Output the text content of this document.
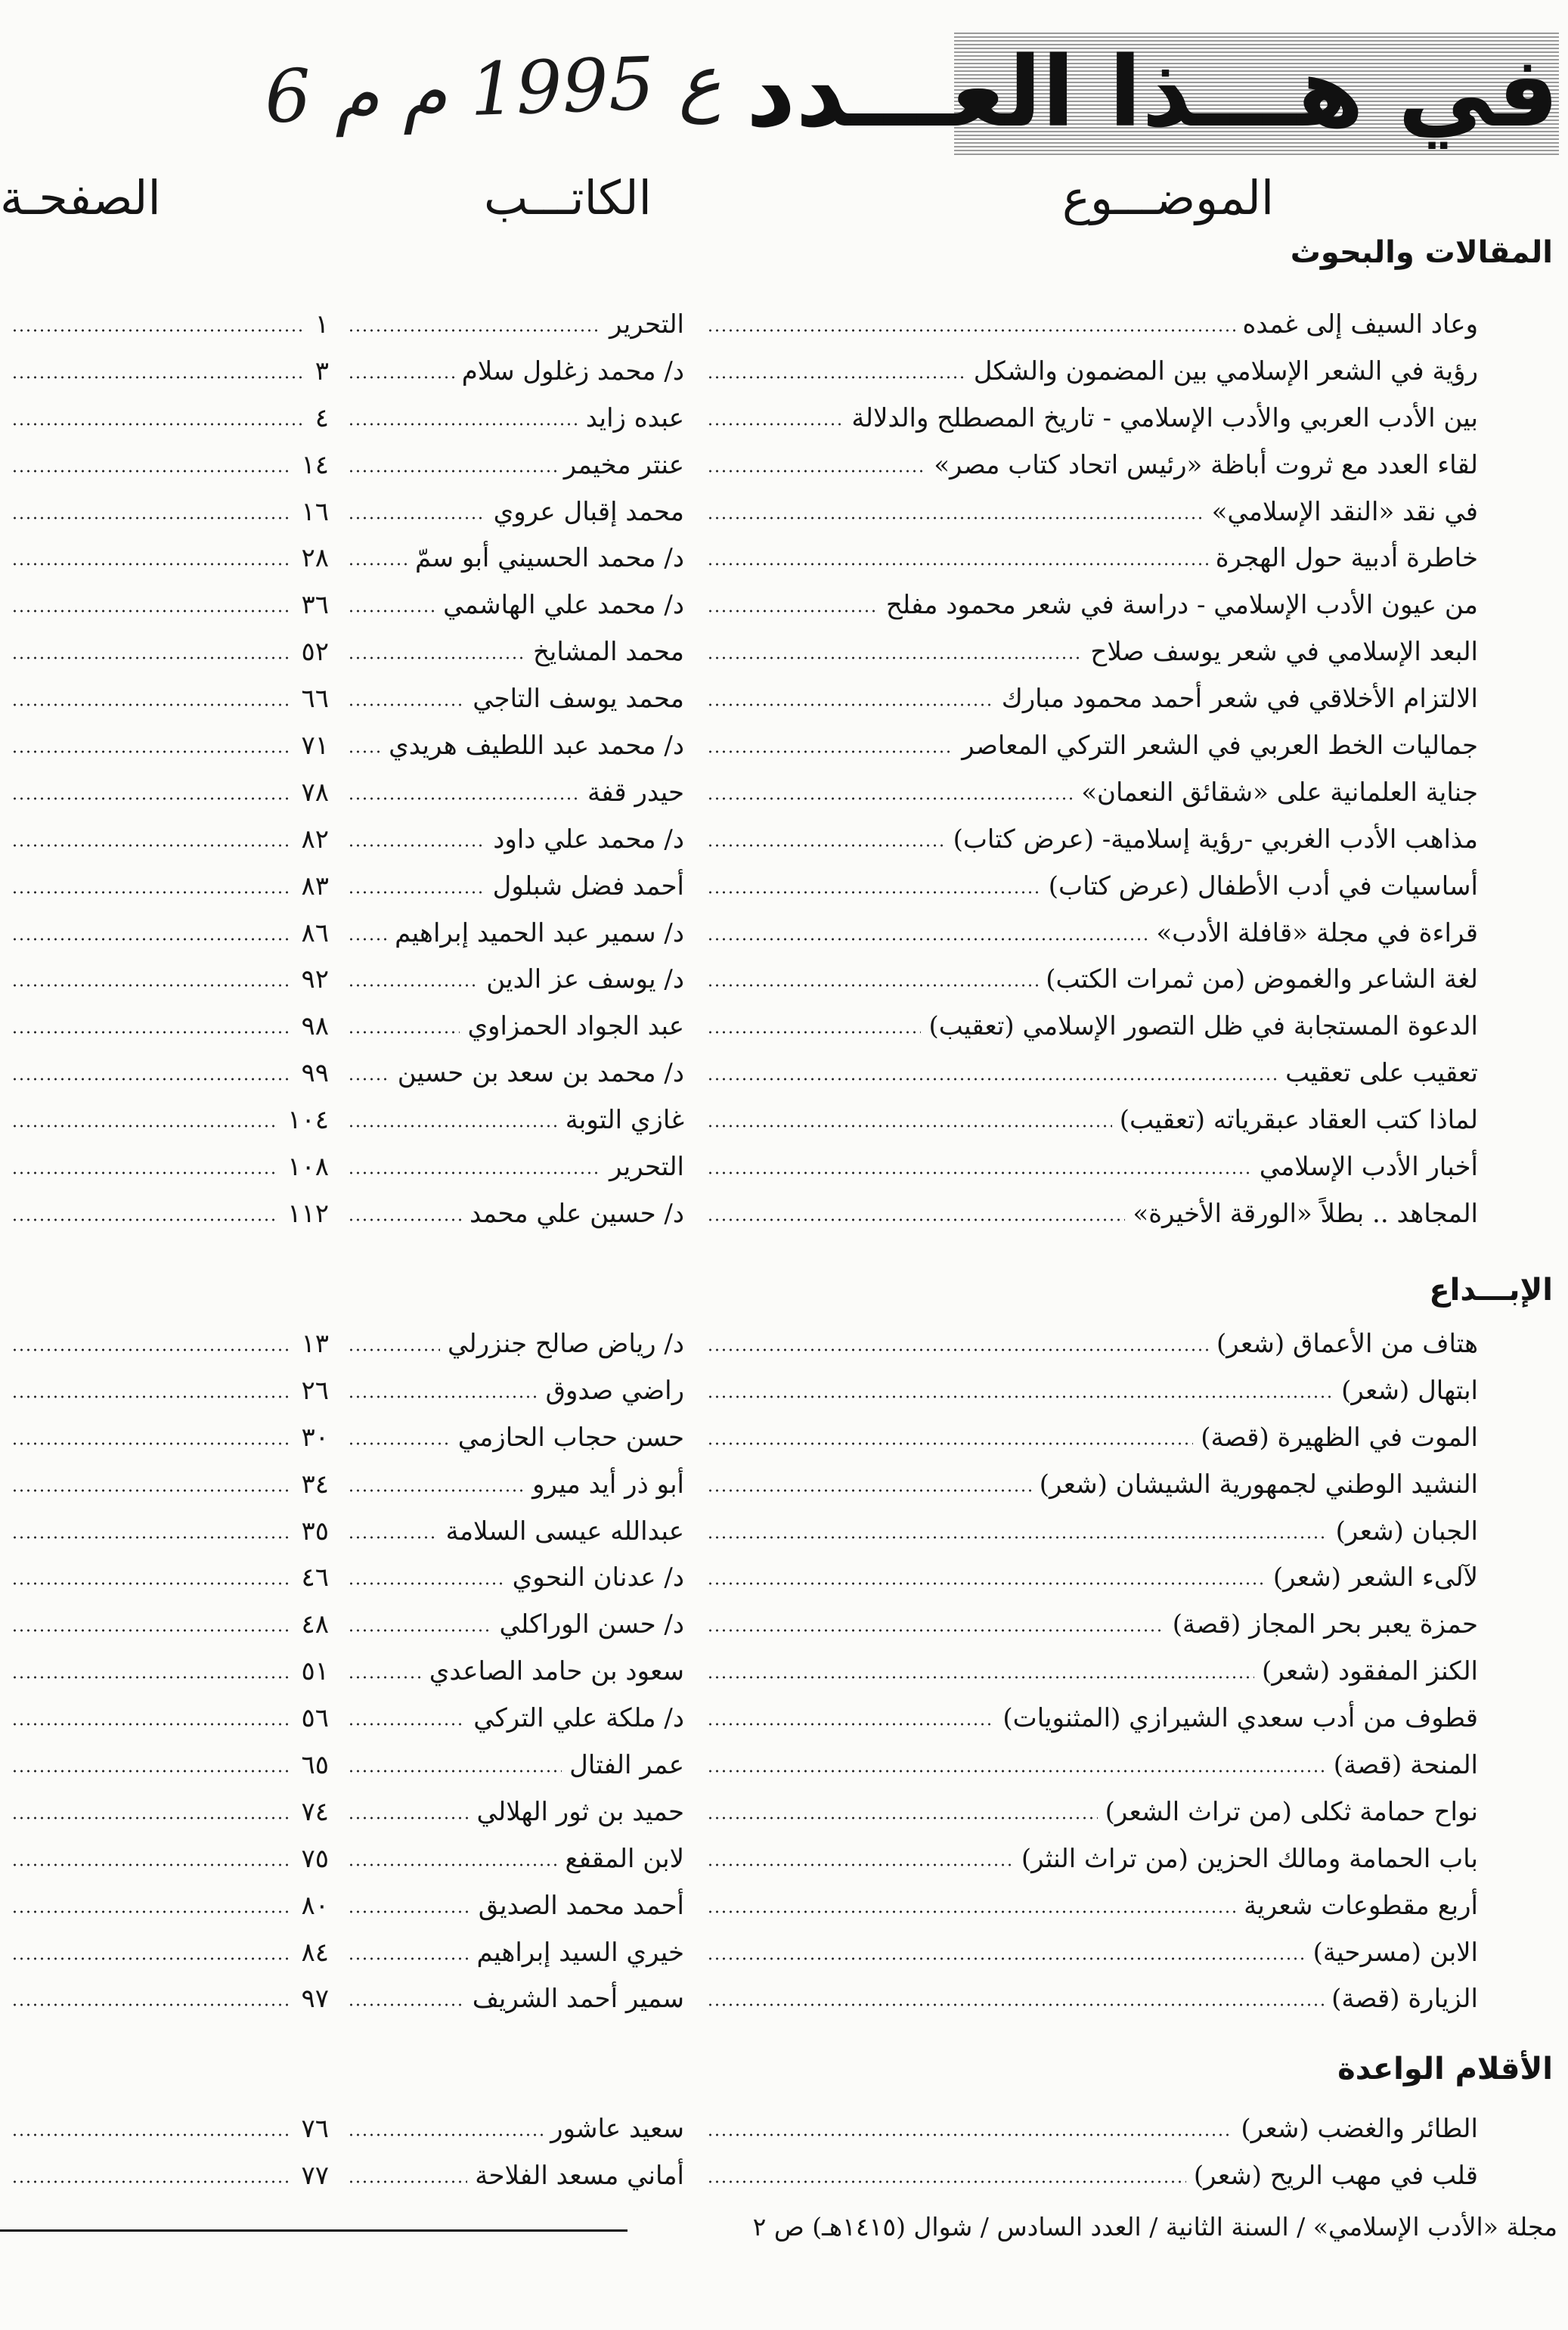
6 ع 1995 م م في هـــذا العـــدد
الموضـــوع
الكاتـــب
الصفحـة
المقالات والبحوث
وعاد السيف إلى غمده
التحرير
١
رؤية في الشعر الإسلامي بين المضمون والشكل
د/ محمد زغلول سلام
٣
بين الأدب العربي والأدب الإسلامي - تاريخ المصطلح والدلالة
عبده زايد
٤
لقاء العدد مع ثروت أباظة «رئيس اتحاد كتاب مصر»
عنتر مخيمر
١٤
في نقد «النقد الإسلامي»
محمد إقبال عروي
١٦
خاطرة أدبية حول الهجرة
د/ محمد الحسيني أبو سمّ
٢٨
من عيون الأدب الإسلامي - دراسة في شعر محمود مفلح
د/ محمد علي الهاشمي
٣٦
البعد الإسلامي في شعر يوسف صلاح
محمد المشايخ
٥٢
الالتزام الأخلاقي في شعر أحمد محمود مبارك
محمد يوسف التاجي
٦٦
جماليات الخط العربي في الشعر التركي المعاصر
د/ محمد عبد اللطيف هريدي
٧١
جناية العلمانية على «شقائق النعمان»
حيدر قفة
٧٨
مذاهب الأدب الغربي -رؤية إسلامية- (عرض كتاب)
د/ محمد علي داود
٨٢
أساسيات في أدب الأطفال (عرض كتاب)
أحمد فضل شبلول
٨٣
قراءة في مجلة «قافلة الأدب»
د/ سمير عبد الحميد إبراهيم
٨٦
لغة الشاعر والغموض (من ثمرات الكتب)
د/ يوسف عز الدين
٩٢
الدعوة المستجابة في ظل التصور الإسلامي (تعقيب)
عبد الجواد الحمزاوي
٩٨
تعقيب على تعقيب
د/ محمد بن سعد بن حسين
٩٩
لماذا كتب العقاد عبقرياته (تعقيب)
غازي التوبة
١٠٤
أخبار الأدب الإسلامي
التحرير
١٠٨
المجاهد .. بطلاً «الورقة الأخيرة»
د/ حسين علي محمد
١١٢
الإبـــداع
هتاف من الأعماق (شعر)
د/ رياض صالح جنزرلي
١٣
ابتهال (شعر)
راضي صدوق
٢٦
الموت في الظهيرة (قصة)
حسن حجاب الحازمي
٣٠
النشيد الوطني لجمهورية الشيشان (شعر)
أبو ذر أيد ميرو
٣٤
الجبان (شعر)
عبدالله عيسى السلامة
٣٥
لآلىء الشعر (شعر)
د/ عدنان النحوي
٤٦
حمزة يعبر بحر المجاز (قصة)
د/ حسن الوراكلي
٤٨
الكنز المفقود (شعر)
سعود بن حامد الصاعدي
٥١
قطوف من أدب سعدي الشيرازي (المثنويات)
د/ ملكة علي التركي
٥٦
المنحة (قصة)
عمر الفتال
٦٥
نواح حمامة ثكلى (من تراث الشعر)
حميد بن ثور الهلالي
٧٤
باب الحمامة ومالك الحزين (من تراث النثر)
لابن المقفع
٧٥
أربع مقطوعات شعرية
أحمد محمد الصديق
٨٠
الابن (مسرحية)
خيري السيد إبراهيم
٨٤
الزيارة (قصة)
سمير أحمد الشريف
٩٧
الأقلام الواعدة
الطائر والغضب (شعر)
سعيد عاشور
٧٦
قلب في مهب الريح (شعر)
أماني مسعد الفلاحة
٧٧
مجلة «الأدب الإسلامي» / السنة الثانية / العدد السادس / شوال (١٤١٥هـ) ص ٢
